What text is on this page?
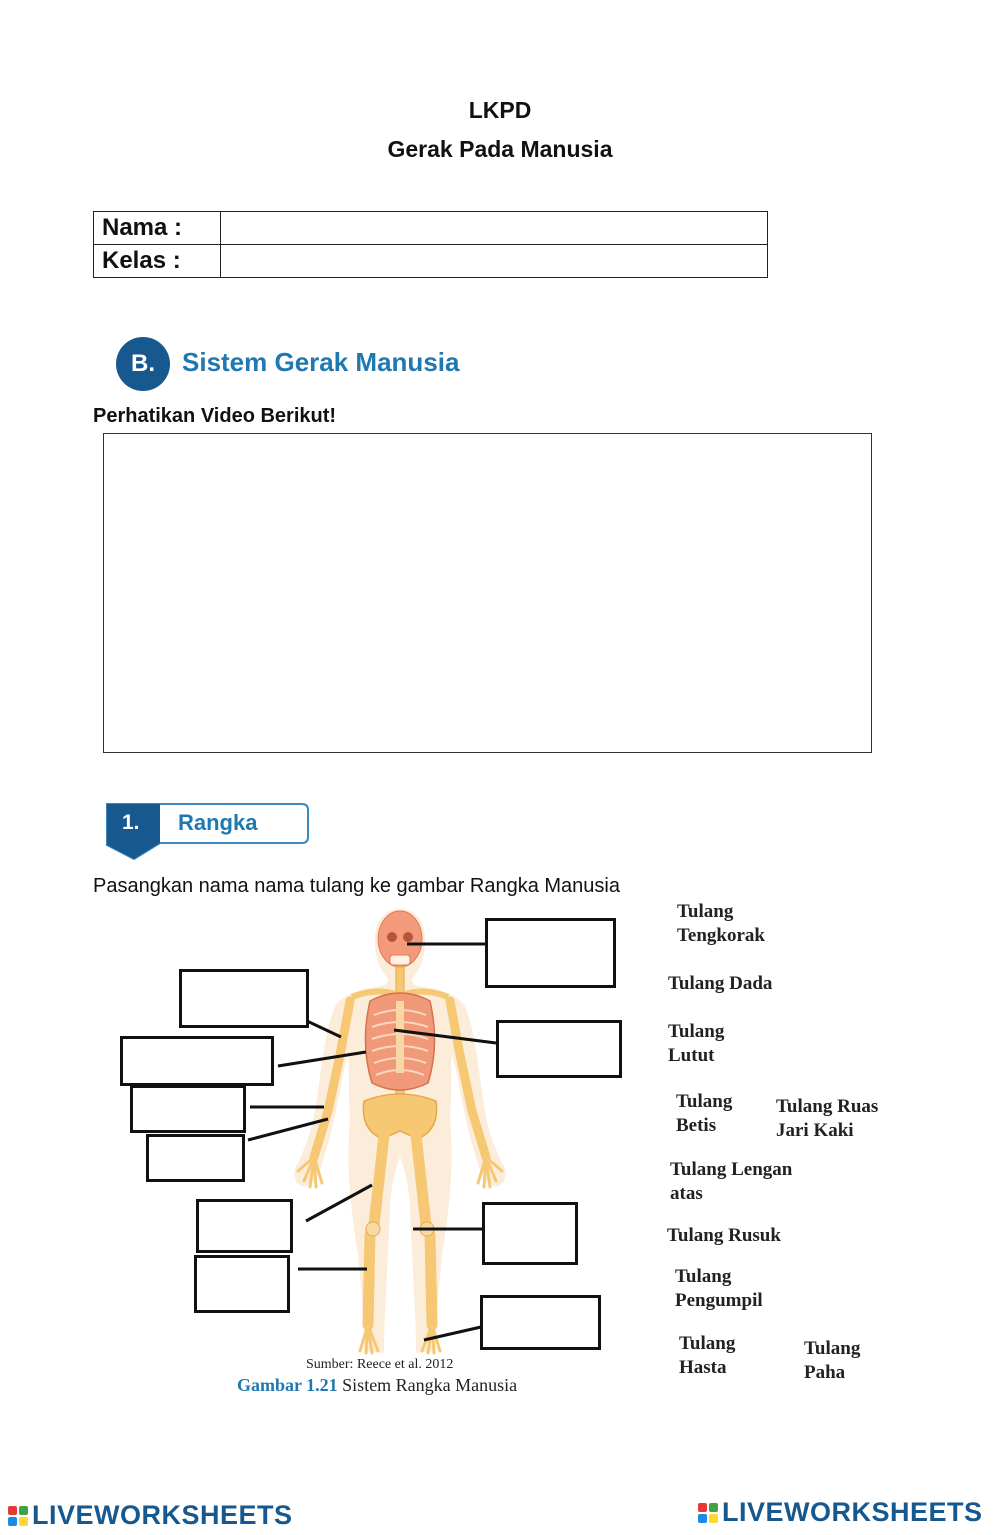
LKPD
Gerak Pada Manusia
Nama :	
Kelas :	
B.	Sistem Gerak Manusia
Perhatikan Video Berikut!
1. Rangka
Pasangkan nama nama tulang ke gambar Rangka Manusia
Sumber: Reece et al. 2012
Gambar 1.21 Sistem Rangka Manusia
Tulang
Tengkorak
Tulang Dada
Tulang
Lutut
Tulang
Betis
Tulang Ruas
Jari Kaki
Tulang Lengan
atas
Tulang Rusuk
Tulang
Pengumpil
Tulang
Hasta
Tulang
Paha
LIVEWORKSHEETS	LIVEWORKSHEETS
